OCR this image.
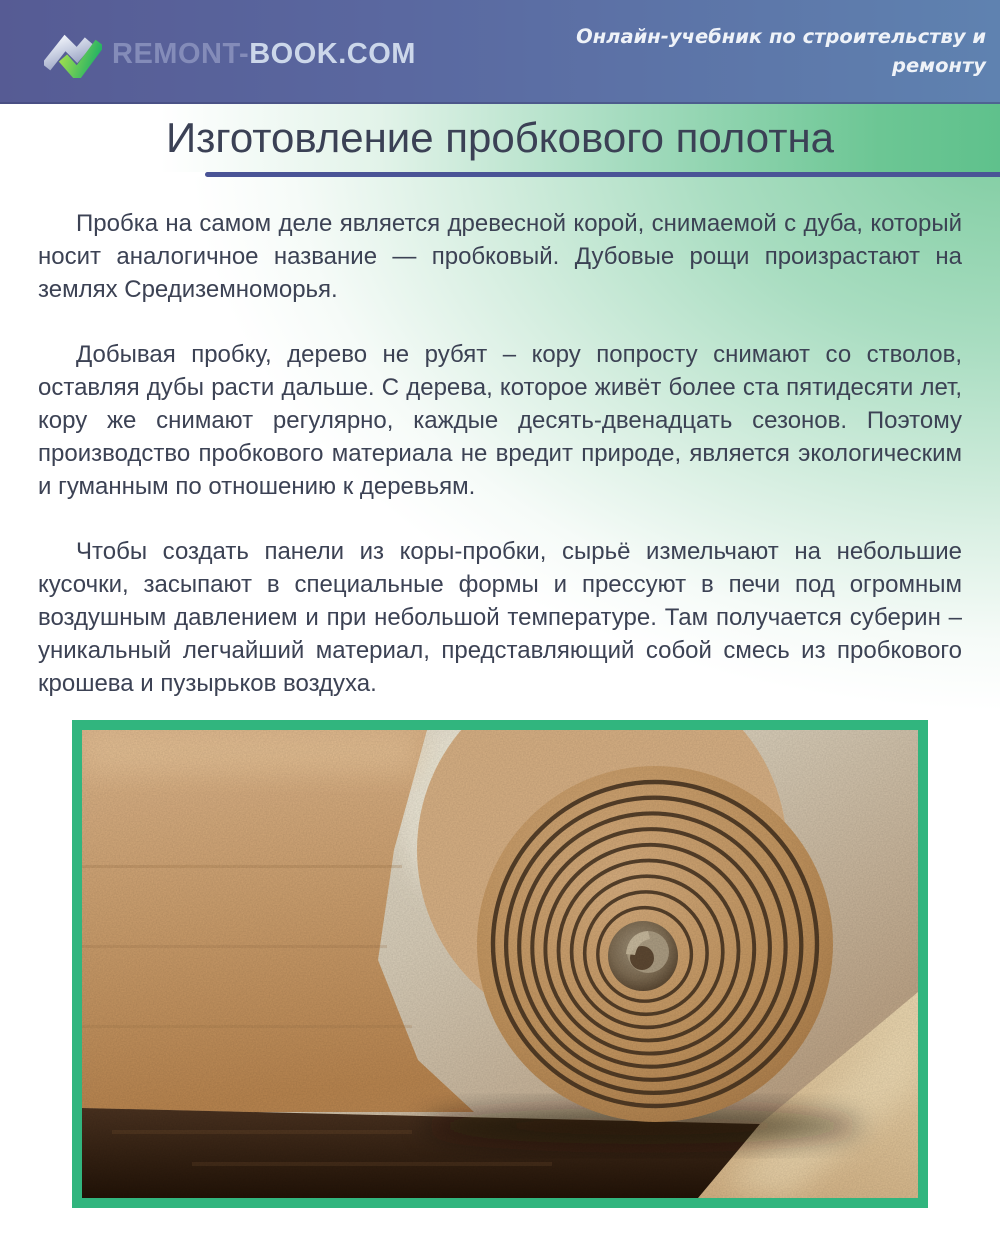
REMONT-BOOK.COM
Онлайн-учебник по строительству и
ремонту
Изготовление пробкового полотна

Пробка на самом деле является древесной корой, снимаемой с дуба, который носит аналогичное название — пробковый. Дубовые рощи произрастают на землях Средиземноморья.

Добывая пробку, дерево не рубят – кору попросту снимают со стволов, оставляя дубы расти дальше. С дерева, которое живёт более ста пятидесяти лет, кору же снимают регулярно, каждые десять-двенадцать сезонов. Поэтому производство пробкового материала не вредит природе, является экологическим и гуманным по отношению к деревьям.

Чтобы создать панели из коры-пробки, сырьё измельчают на небольшие кусочки, засыпают в специальные формы и прессуют в печи под огромным воздушным давлением и при небольшой температуре. Там получается суберин – уникальный легчайший материал, представляющий собой смесь из пробкового крошева и пузырьков воздуха.
